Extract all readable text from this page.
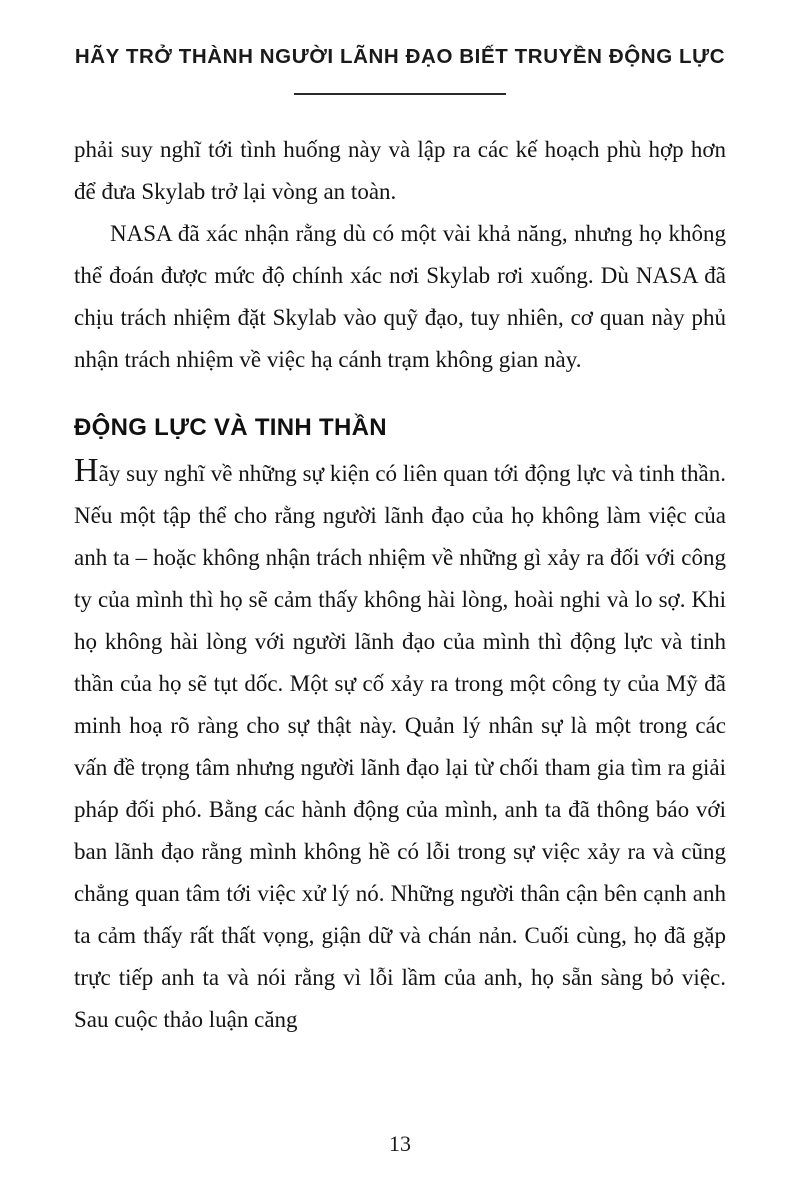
HÃY TRỞ THÀNH NGƯỜI LÃNH ĐẠO BIẾT TRUYỀN ĐỘNG LỰC

phải suy nghĩ tới tình huống này và lập ra các kế hoạch phù hợp hơn để đưa Skylab trở lại vòng an toàn.

NASA đã xác nhận rằng dù có một vài khả năng, nhưng họ không thể đoán được mức độ chính xác nơi Skylab rơi xuống. Dù NASA đã chịu trách nhiệm đặt Skylab vào quỹ đạo, tuy nhiên, cơ quan này phủ nhận trách nhiệm về việc hạ cánh trạm không gian này.

ĐỘNG LỰC VÀ TINH THẦN

Hãy suy nghĩ về những sự kiện có liên quan tới động lực và tinh thần. Nếu một tập thể cho rằng người lãnh đạo của họ không làm việc của anh ta – hoặc không nhận trách nhiệm về những gì xảy ra đối với công ty của mình thì họ sẽ cảm thấy không hài lòng, hoài nghi và lo sợ. Khi họ không hài lòng với người lãnh đạo của mình thì động lực và tinh thần của họ sẽ tụt dốc. Một sự cố xảy ra trong một công ty của Mỹ đã minh hoạ rõ ràng cho sự thật này. Quản lý nhân sự là một trong các vấn đề trọng tâm nhưng người lãnh đạo lại từ chối tham gia tìm ra giải pháp đối phó. Bằng các hành động của mình, anh ta đã thông báo với ban lãnh đạo rằng mình không hề có lỗi trong sự việc xảy ra và cũng chẳng quan tâm tới việc xử lý nó. Những người thân cận bên cạnh anh ta cảm thấy rất thất vọng, giận dữ và chán nản. Cuối cùng, họ đã gặp trực tiếp anh ta và nói rằng vì lỗi lầm của anh, họ sẵn sàng bỏ việc. Sau cuộc thảo luận căng

13
